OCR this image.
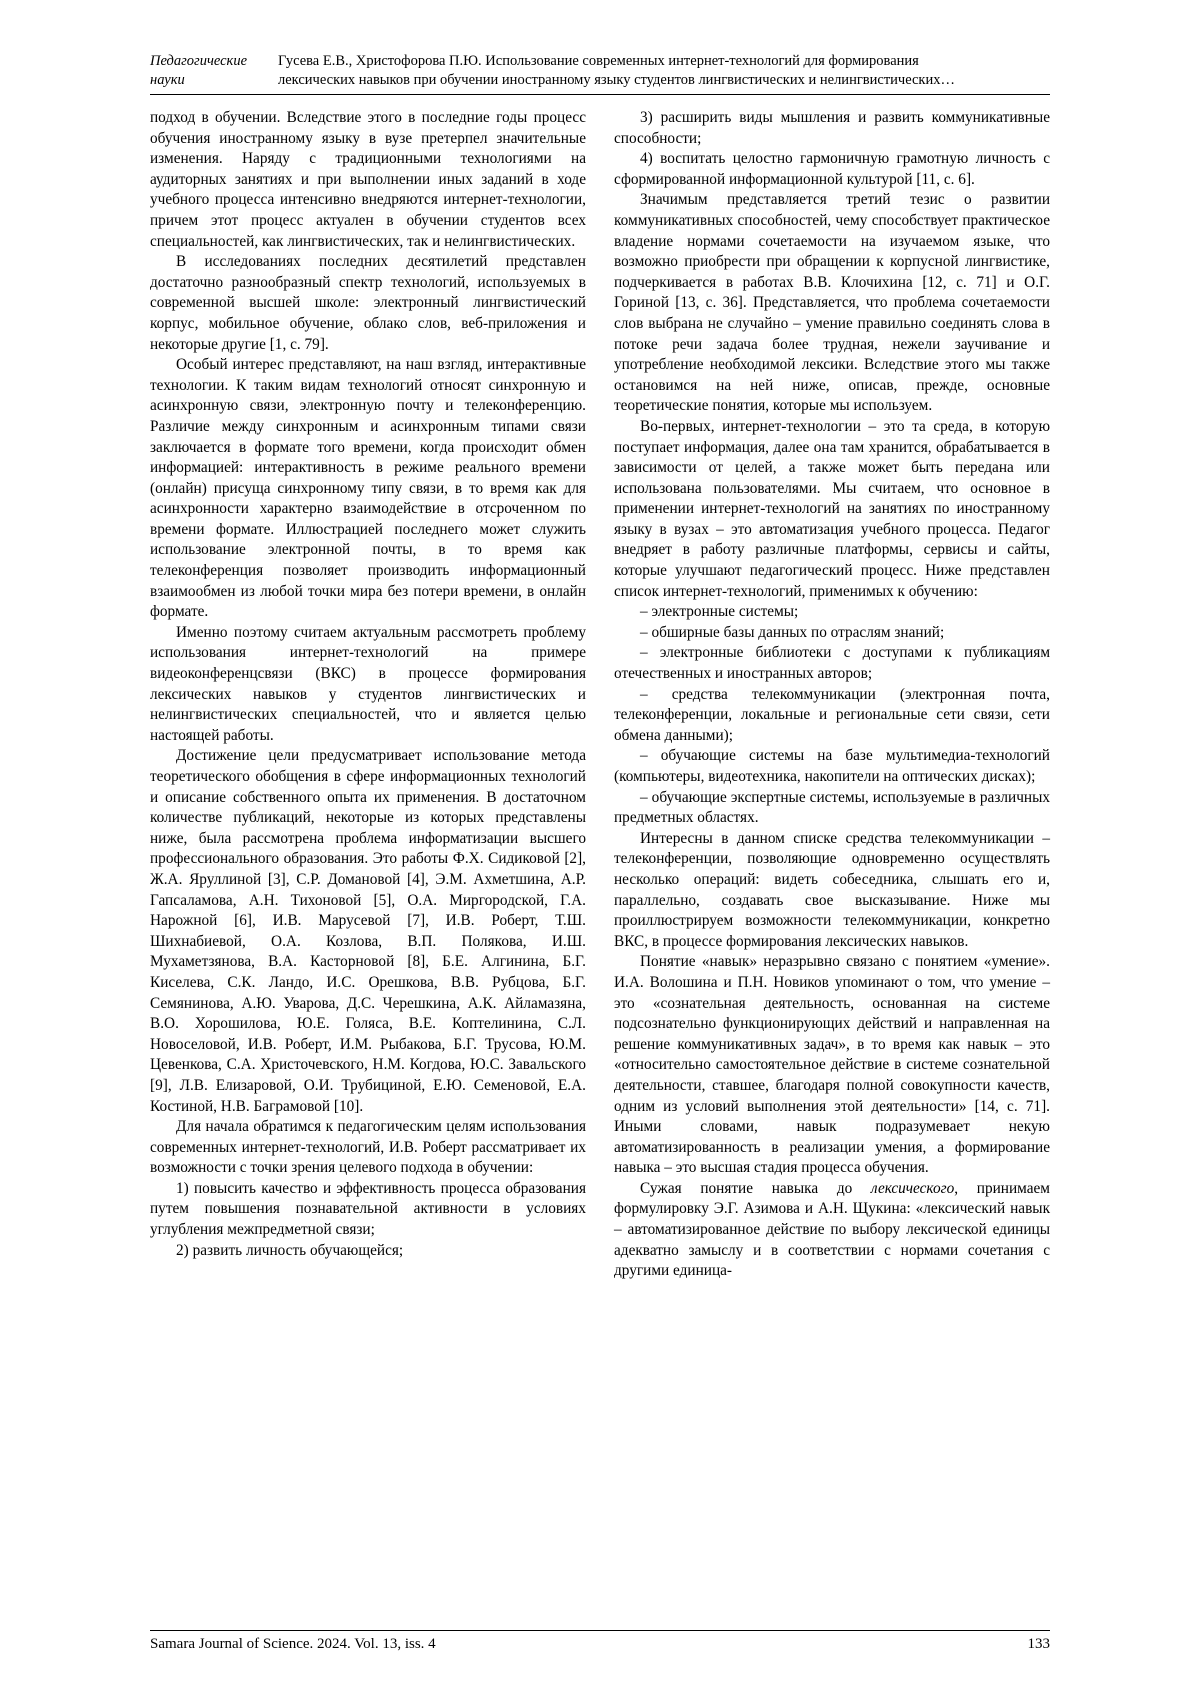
Педагогические науки
Гусева Е.В., Христофорова П.Ю. Использование современных интернет-технологий для формирования
лексических навыков при обучении иностранному языку студентов лингвистических и нелингвистических…

подход в обучении. Вследствие этого в последние годы процесс обучения иностранному языку в вузе претерпел значительные изменения. Наряду с традиционными технологиями на аудиторных занятиях и при выполнении иных заданий в ходе учебного процесса интенсивно внедряются интернет-технологии, причем этот процесс актуален в обучении студентов всех специальностей, как лингвистических, так и нелингвистических.

В исследованиях последних десятилетий представлен достаточно разнообразный спектр технологий, используемых в современной высшей школе: электронный лингвистический корпус, мобильное обучение, облако слов, веб-приложения и некоторые другие [1, с. 79].

Особый интерес представляют, на наш взгляд, интерактивные технологии. К таким видам технологий относят синхронную и асинхронную связи, электронную почту и телеконференцию. Различие между синхронным и асинхронным типами связи заключается в формате того времени, когда происходит обмен информацией: интерактивность в режиме реального времени (онлайн) присуща синхронному типу связи, в то время как для асинхронности характерно взаимодействие в отсроченном по времени формате. Иллюстрацией последнего может служить использование электронной почты, в то время как телеконференция позволяет производить информационный взаимообмен из любой точки мира без потери времени, в онлайн формате.

Именно поэтому считаем актуальным рассмотреть проблему использования интернет-технологий на примере видеоконференцсвязи (ВКС) в процессе формирования лексических навыков у студентов лингвистических и нелингвистических специальностей, что и является целью настоящей работы.

Достижение цели предусматривает использование метода теоретического обобщения в сфере информационных технологий и описание собственного опыта их применения. В достаточном количестве публикаций, некоторые из которых представлены ниже, была рассмотрена проблема информатизации высшего профессионального образования. Это работы Ф.Х. Сидиковой [2], Ж.А. Яруллиной [3], С.Р. Домановой [4], Э.М. Ахметшина, А.Р. Гапсаламова, А.Н. Тихоновой [5], О.А. Миргородской, Г.А. Нарожной [6], И.В. Марусевой [7], И.В. Роберт, Т.Ш. Шихнабиевой, О.А. Козлова, В.П. Полякова, И.Ш. Мухаметзянова, В.А. Касторновой [8], Б.Е. Алгинина, Б.Г. Киселева, С.К. Ландо, И.С. Орешкова, В.В. Рубцова, Б.Г. Семянинова, А.Ю. Уварова, Д.С. Черешкина, А.К. Айламазяна, В.О. Хорошилова, Ю.Е. Голяса, В.Е. Коптелинина, С.Л. Новоселовой, И.В. Роберт, И.М. Рыбакова, Б.Г. Трусова, Ю.М. Цевенкова, С.А. Христочевского, Н.М. Когдова, Ю.С. Завальского [9], Л.В. Елизаровой, О.И. Трубициной, Е.Ю. Семеновой, Е.А. Костиной, Н.В. Баграмовой [10].

Для начала обратимся к педагогическим целям использования современных интернет-технологий, И.В. Роберт рассматривает их возможности с точки зрения целевого подхода в обучении:

1) повысить качество и эффективность процесса образования путем повышения познавательной активности в условиях углубления межпредметной связи;

2) развить личность обучающейся;

3) расширить виды мышления и развить коммуникативные способности;

4) воспитать целостно гармоничную грамотную личность с сформированной информационной культурой [11, с. 6].

Значимым представляется третий тезис о развитии коммуникативных способностей, чему способствует практическое владение нормами сочетаемости на изучаемом языке, что возможно приобрести при обращении к корпусной лингвистике, подчеркивается в работах В.В. Клочихина [12, с. 71] и О.Г. Гориной [13, с. 36]. Представляется, что проблема сочетаемости слов выбрана не случайно – умение правильно соединять слова в потоке речи задача более трудная, нежели заучивание и употребление необходимой лексики. Вследствие этого мы также остановимся на ней ниже, описав, прежде, основные теоретические понятия, которые мы используем.

Во-первых, интернет-технологии – это та среда, в которую поступает информация, далее она там хранится, обрабатывается в зависимости от целей, а также может быть передана или использована пользователями. Мы считаем, что основное в применении интернет-технологий на занятиях по иностранному языку в вузах – это автоматизация учебного процесса. Педагог внедряет в работу различные платформы, сервисы и сайты, которые улучшают педагогический процесс. Ниже представлен список интернет-технологий, применимых к обучению:

– электронные системы;

– обширные базы данных по отраслям знаний;

– электронные библиотеки с доступами к публикациям отечественных и иностранных авторов;

– средства телекоммуникации (электронная почта, телеконференции, локальные и региональные сети связи, сети обмена данными);

– обучающие системы на базе мультимедиа-технологий (компьютеры, видеотехника, накопители на оптических дисках);

– обучающие экспертные системы, используемые в различных предметных областях.

Интересны в данном списке средства телекоммуникации – телеконференции, позволяющие одновременно осуществлять несколько операций: видеть собеседника, слышать его и, параллельно, создавать свое высказывание. Ниже мы проиллюстрируем возможности телекоммуникации, конкретно ВКС, в процессе формирования лексических навыков.

Понятие «навык» неразрывно связано с понятием «умение». И.А. Волошина и П.Н. Новиков упоминают о том, что умение – это «сознательная деятельность, основанная на системе подсознательно функционирующих действий и направленная на решение коммуникативных задач», в то время как навык – это «относительно самостоятельное действие в системе сознательной деятельности, ставшее, благодаря полной совокупности качеств, одним из условий выполнения этой деятельности» [14, с. 71]. Иными словами, навык подразумевает некую автоматизированность в реализации умения, а формирование навыка – это высшая стадия процесса обучения.

Сужая понятие навыка до лексического, принимаем формулировку Э.Г. Азимова и А.Н. Щукина: «лексический навык – автоматизированное действие по выбору лексической единицы адекватно замыслу и в соответствии с нормами сочетания с другими единица-

Samara Journal of Science. 2024. Vol. 13, iss. 4	133
